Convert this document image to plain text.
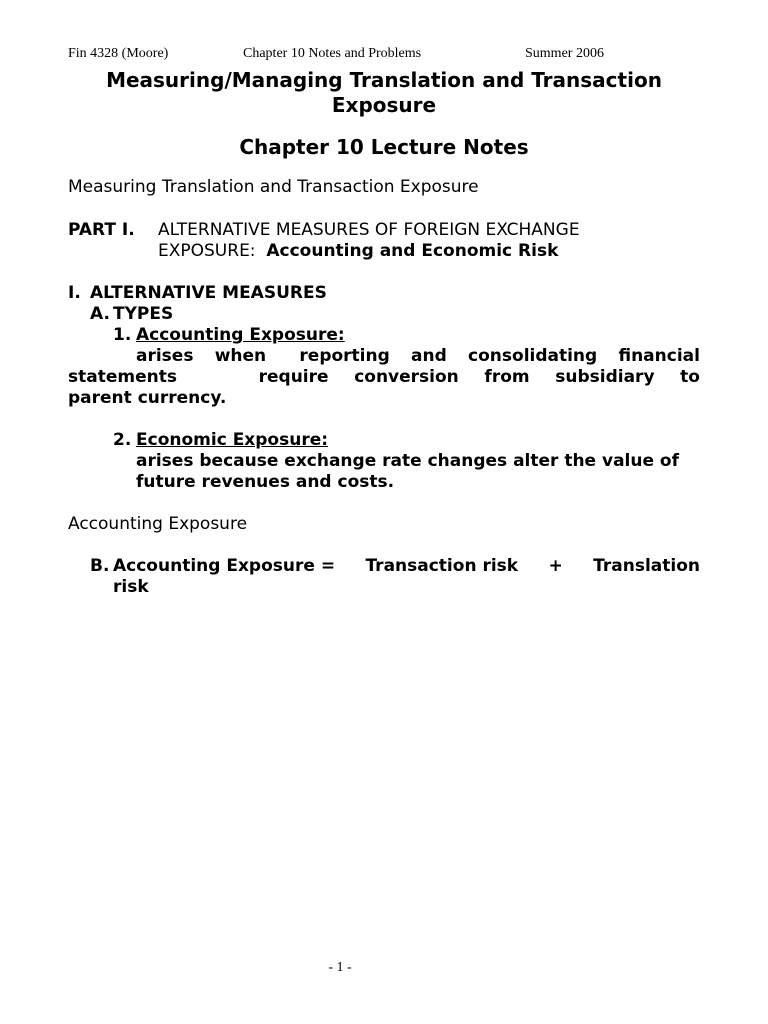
Fin 4328 (Moore)	Chapter 10 Notes and Problems	Summer 2006
Measuring/Managing Translation and Transaction
Exposure
Chapter 10 Lecture Notes
Measuring Translation and Transaction Exposure
PART I. ALTERNATIVE MEASURES OF FOREIGN EXCHANGE
EXPOSURE: Accounting and Economic Risk
I. ALTERNATIVE MEASURES
A. TYPES
1. Accounting Exposure:
arises when reporting and consolidating financial
statements	require conversion from subsidiary to
parent currency.
2. Economic Exposure:
arises because exchange rate changes alter the value of
future revenues and costs.
Accounting Exposure
B. Accounting Exposure = Transaction risk + Translation
risk
- 1 -
